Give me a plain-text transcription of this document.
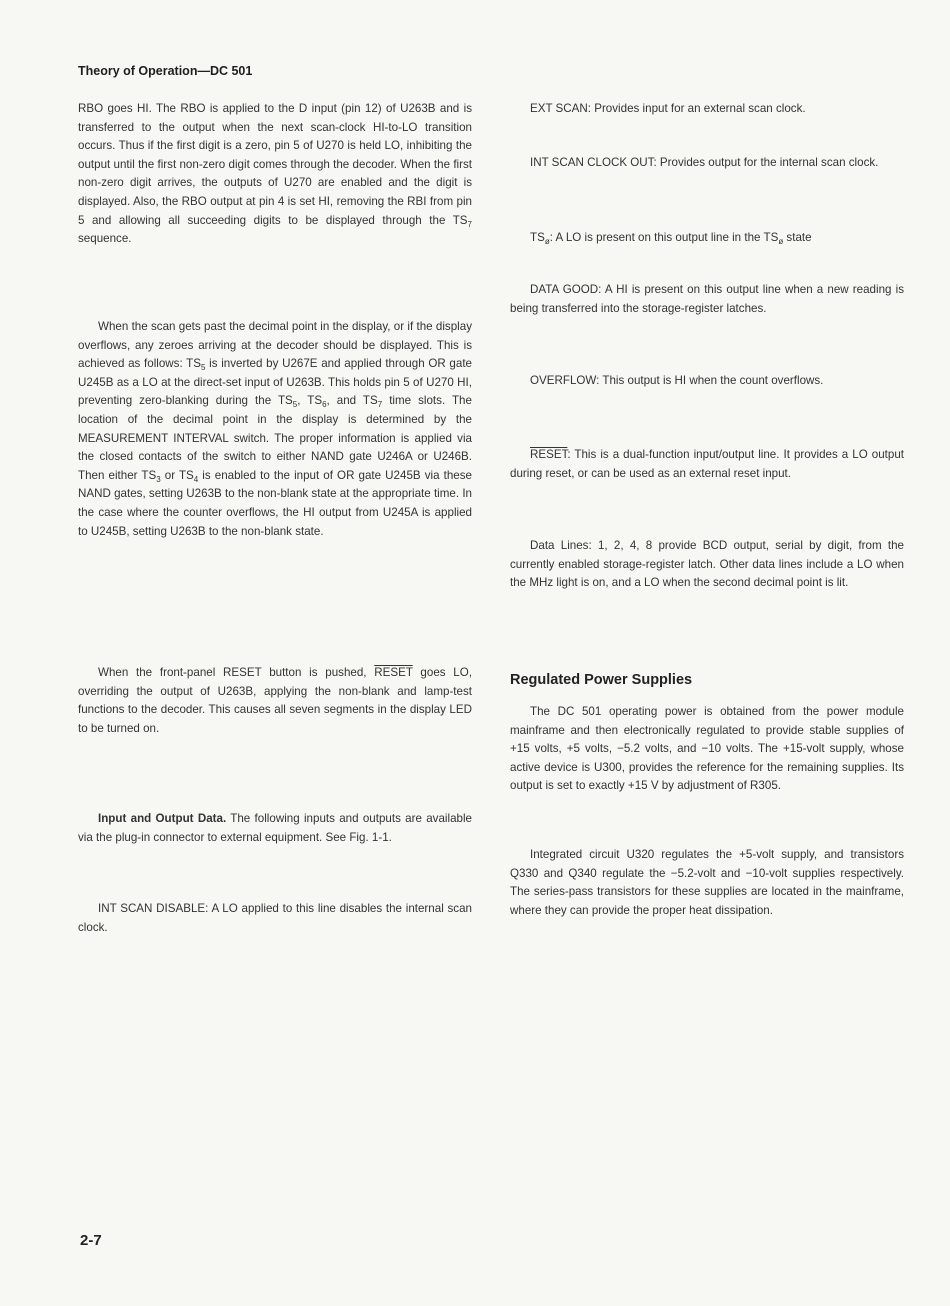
Theory of Operation—DC 501

RBO goes HI. The RBO is applied to the D input (pin 12) of U263B and is transferred to the output when the next scan-clock HI-to-LO transition occurs. Thus if the first digit is a zero, pin 5 of U270 is held LO, inhibiting the output until the first non-zero digit comes through the decoder. When the first non-zero digit arrives, the outputs of U270 are enabled and the digit is displayed. Also, the RBO output at pin 4 is set HI, removing the RBI from pin 5 and allowing all succeeding digits to be displayed through the $TS_7$ sequence.

When the scan gets past the decimal point in the display, or if the display overflows, any zeroes arriving at the decoder should be displayed. This is achieved as follows: $TS_5$ is inverted by U267E and applied through OR gate U245B as a LO at the direct-set input of U263B. This holds pin 5 of U270 HI, preventing zero-blanking during the $TS_5$, $TS_6$, and $TS_7$ time slots. The location of the decimal point in the display is determined by the MEASUREMENT INTERVAL switch. The proper information is applied via the closed contacts of the switch to either NAND gate U246A or U246B. Then either $TS_3$ or $TS_4$ is enabled to the input of OR gate U245B via these NAND gates, setting U263B to the non-blank state at the appropriate time. In the case where the counter overflows, the HI output from U245A is applied to U245B, setting U263B to the non-blank state.

When the front-panel RESET button is pushed, RESET goes LO, overriding the output of U263B, applying the non-blank and lamp-test functions to the decoder. This causes all seven segments in the display LED to be turned on.

Input and Output Data. The following inputs and outputs are available via the plug-in connector to external equipment. See Fig. 1-1.

INT SCAN DISABLE: A LO applied to this line disables the internal scan clock.

EXT SCAN: Provides input for an external scan clock.

INT SCAN CLOCK OUT: Provides output for the internal scan clock.

$TS_ø$: A LO is present on this output line in the $TS_ø$ state

DATA GOOD: A HI is present on this output line when a new reading is being transferred into the storage-register latches.

OVERFLOW: This output is HI when the count overflows.

RESET: This is a dual-function input/output line. It provides a LO output during reset, or can be used as an external reset input.

Data Lines: 1, 2, 4, 8 provide BCD output, serial by digit, from the currently enabled storage-register latch. Other data lines include a LO when the MHz light is on, and a LO when the second decimal point is lit.

Regulated Power Supplies

The DC 501 operating power is obtained from the power module mainframe and then electronically regulated to provide stable supplies of +15 volts, +5 volts, −5.2 volts, and −10 volts. The +15-volt supply, whose active device is U300, provides the reference for the remaining supplies. Its output is set to exactly +15 V by adjustment of R305.

Integrated circuit U320 regulates the +5-volt supply, and transistors Q330 and Q340 regulate the −5.2-volt and −10-volt supplies respectively. The series-pass transistors for these supplies are located in the mainframe, where they can provide the proper heat dissipation.

2-7
